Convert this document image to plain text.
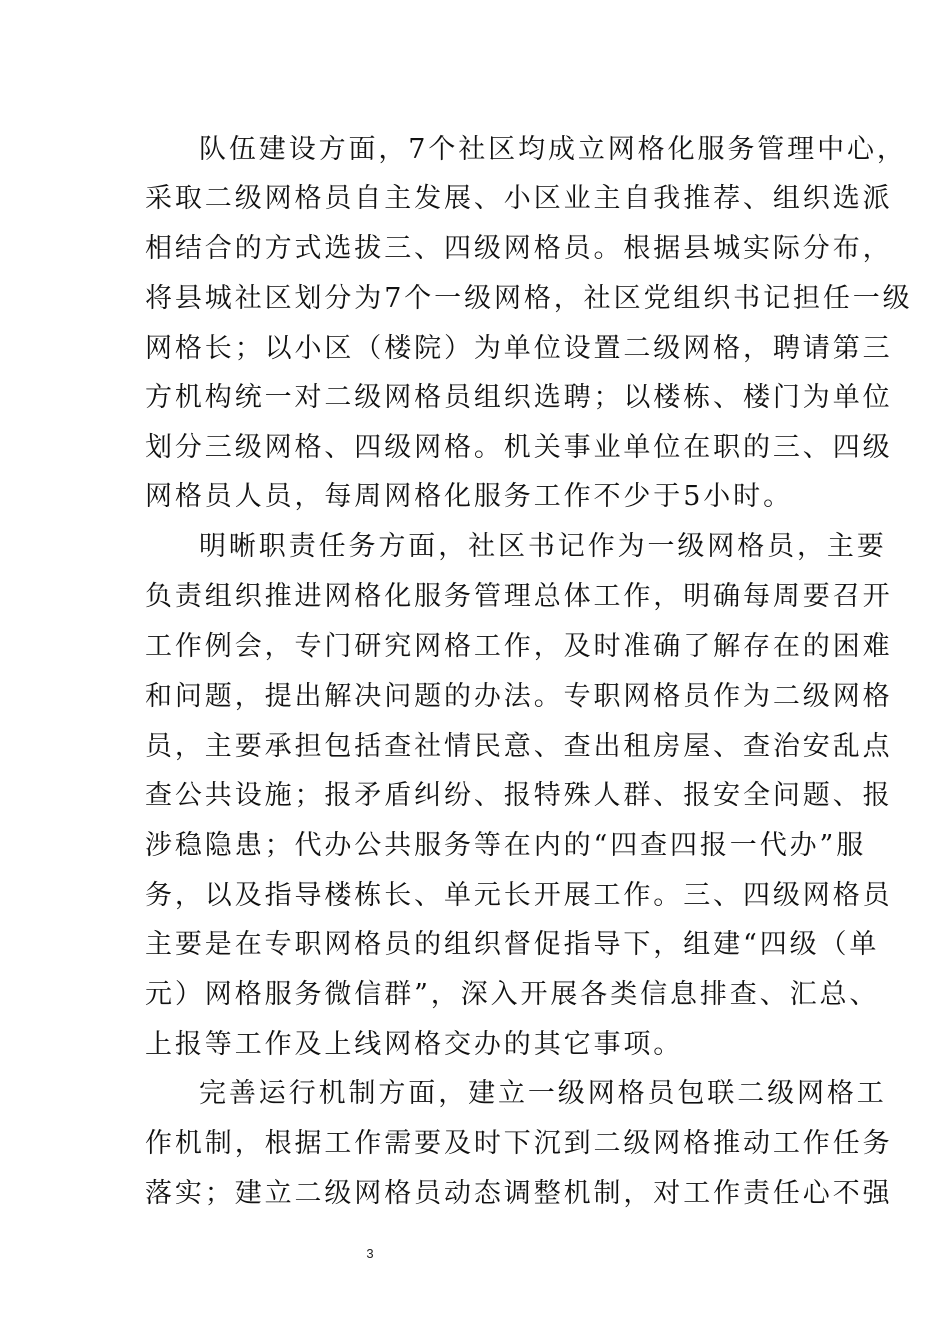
队伍建设方面，7个社区均成立网格化服务管理中心，
采取二级网格员自主发展、小区业主自我推荐、组织选派
相结合的方式选拔三、四级网格员。根据县城实际分布，
将县城社区划分为7个一级网格，社区党组织书记担任一级
网格长；以小区（楼院）为单位设置二级网格，聘请第三
方机构统一对二级网格员组织选聘；以楼栋、楼门为单位
划分三级网格、四级网格。机关事业单位在职的三、四级
网格员人员，每周网格化服务工作不少于5小时。
明晰职责任务方面，社区书记作为一级网格员，主要
负责组织推进网格化服务管理总体工作，明确每周要召开
工作例会，专门研究网格工作，及时准确了解存在的困难
和问题，提出解决问题的办法。专职网格员作为二级网格
员，主要承担包括查社情民意、查出租房屋、查治安乱点
查公共设施；报矛盾纠纷、报特殊人群、报安全问题、报
涉稳隐患；代办公共服务等在内的“四查四报一代办”服
务，以及指导楼栋长、单元长开展工作。三、四级网格员
主要是在专职网格员的组织督促指导下，组建“四级（单
元）网格服务微信群”，深入开展各类信息排查、汇总、
上报等工作及上线网格交办的其它事项。
完善运行机制方面，建立一级网格员包联二级网格工
作机制，根据工作需要及时下沉到二级网格推动工作任务
落实；建立二级网格员动态调整机制，对工作责任心不强
3
